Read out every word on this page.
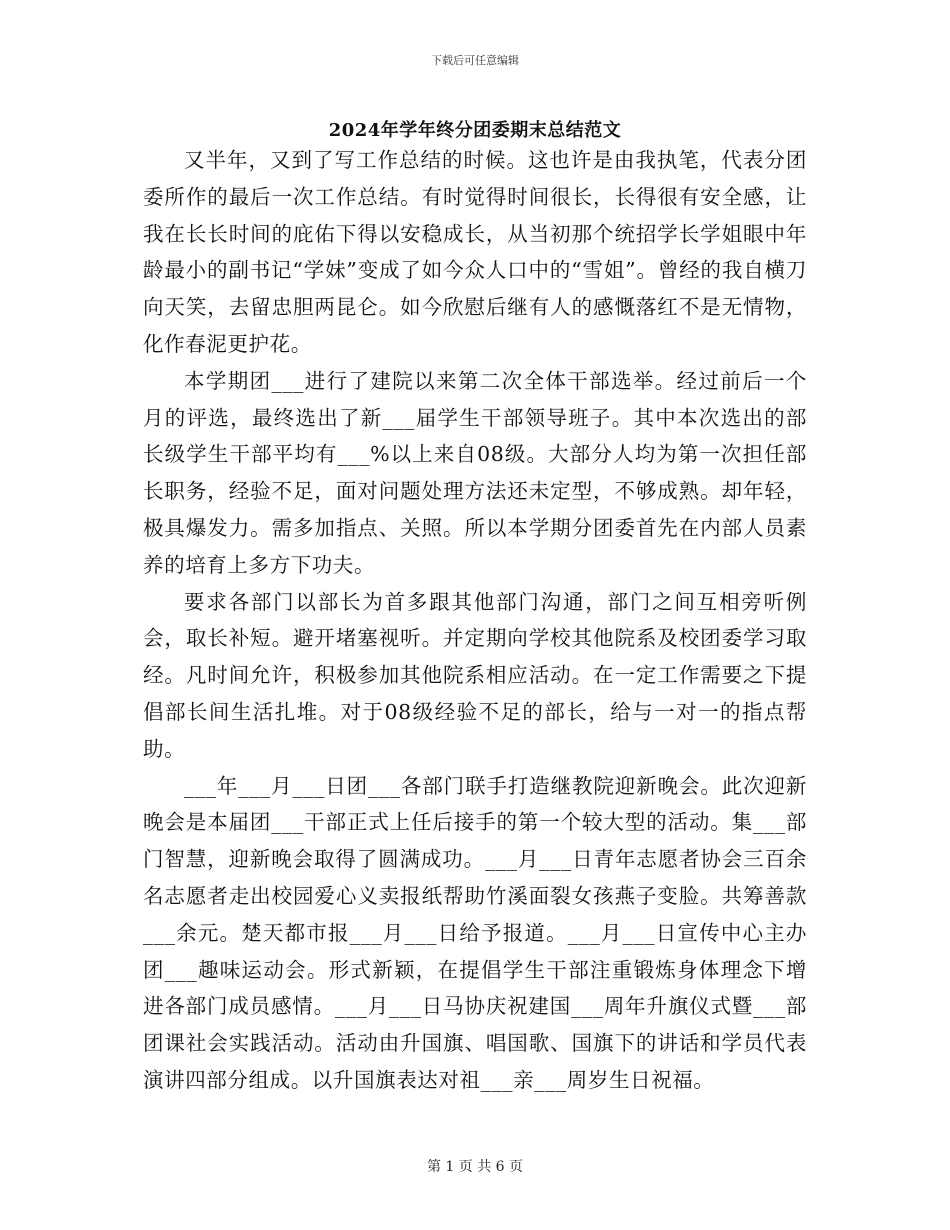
下载后可任意编辑
2024年学年终分团委期末总结范文

又半年，又到了写工作总结的时候。这也许是由我执笔，代表分团委所作的最后一次工作总结。有时觉得时间很长，长得很有安全感，让我在长长时间的庇佑下得以安稳成长，从当初那个统招学长学姐眼中年龄最小的副书记“学妹”变成了如今众人口中的“雪姐”。曾经的我自横刀向天笑，去留忠胆两昆仑。如今欣慰后继有人的感慨落红不是无情物，化作春泥更护花。

本学期团___进行了建院以来第二次全体干部选举。经过前后一个月的评选，最终选出了新___届学生干部领导班子。其中本次选出的部长级学生干部平均有___%以上来自08级。大部分人均为第一次担任部长职务，经验不足，面对问题处理方法还未定型，不够成熟。却年轻，极具爆发力。需多加指点、关照。所以本学期分团委首先在内部人员素养的培育上多方下功夫。

要求各部门以部长为首多跟其他部门沟通，部门之间互相旁听例会，取长补短。避开堵塞视听。并定期向学校其他院系及校团委学习取经。凡时间允许，积极参加其他院系相应活动。在一定工作需要之下提倡部长间生活扎堆。对于08级经验不足的部长，给与一对一的指点帮助。

___年___月___日团___各部门联手打造继教院迎新晚会。此次迎新晚会是本届团___干部正式上任后接手的第一个较大型的活动。集___部门智慧，迎新晚会取得了圆满成功。___月___日青年志愿者协会三百余名志愿者走出校园爱心义卖报纸帮助竹溪面裂女孩燕子变脸。共筹善款___余元。楚天都市报___月___日给予报道。___月___日宣传中心主办团___趣味运动会。形式新颖，在提倡学生干部注重锻炼身体理念下增进各部门成员感情。___月___日马协庆祝建国___周年升旗仪式暨___部团课社会实践活动。活动由升国旗、唱国歌、国旗下的讲话和学员代表演讲四部分组成。以升国旗表达对祖___亲___周岁生日祝福。

第 1 页 共 6 页
